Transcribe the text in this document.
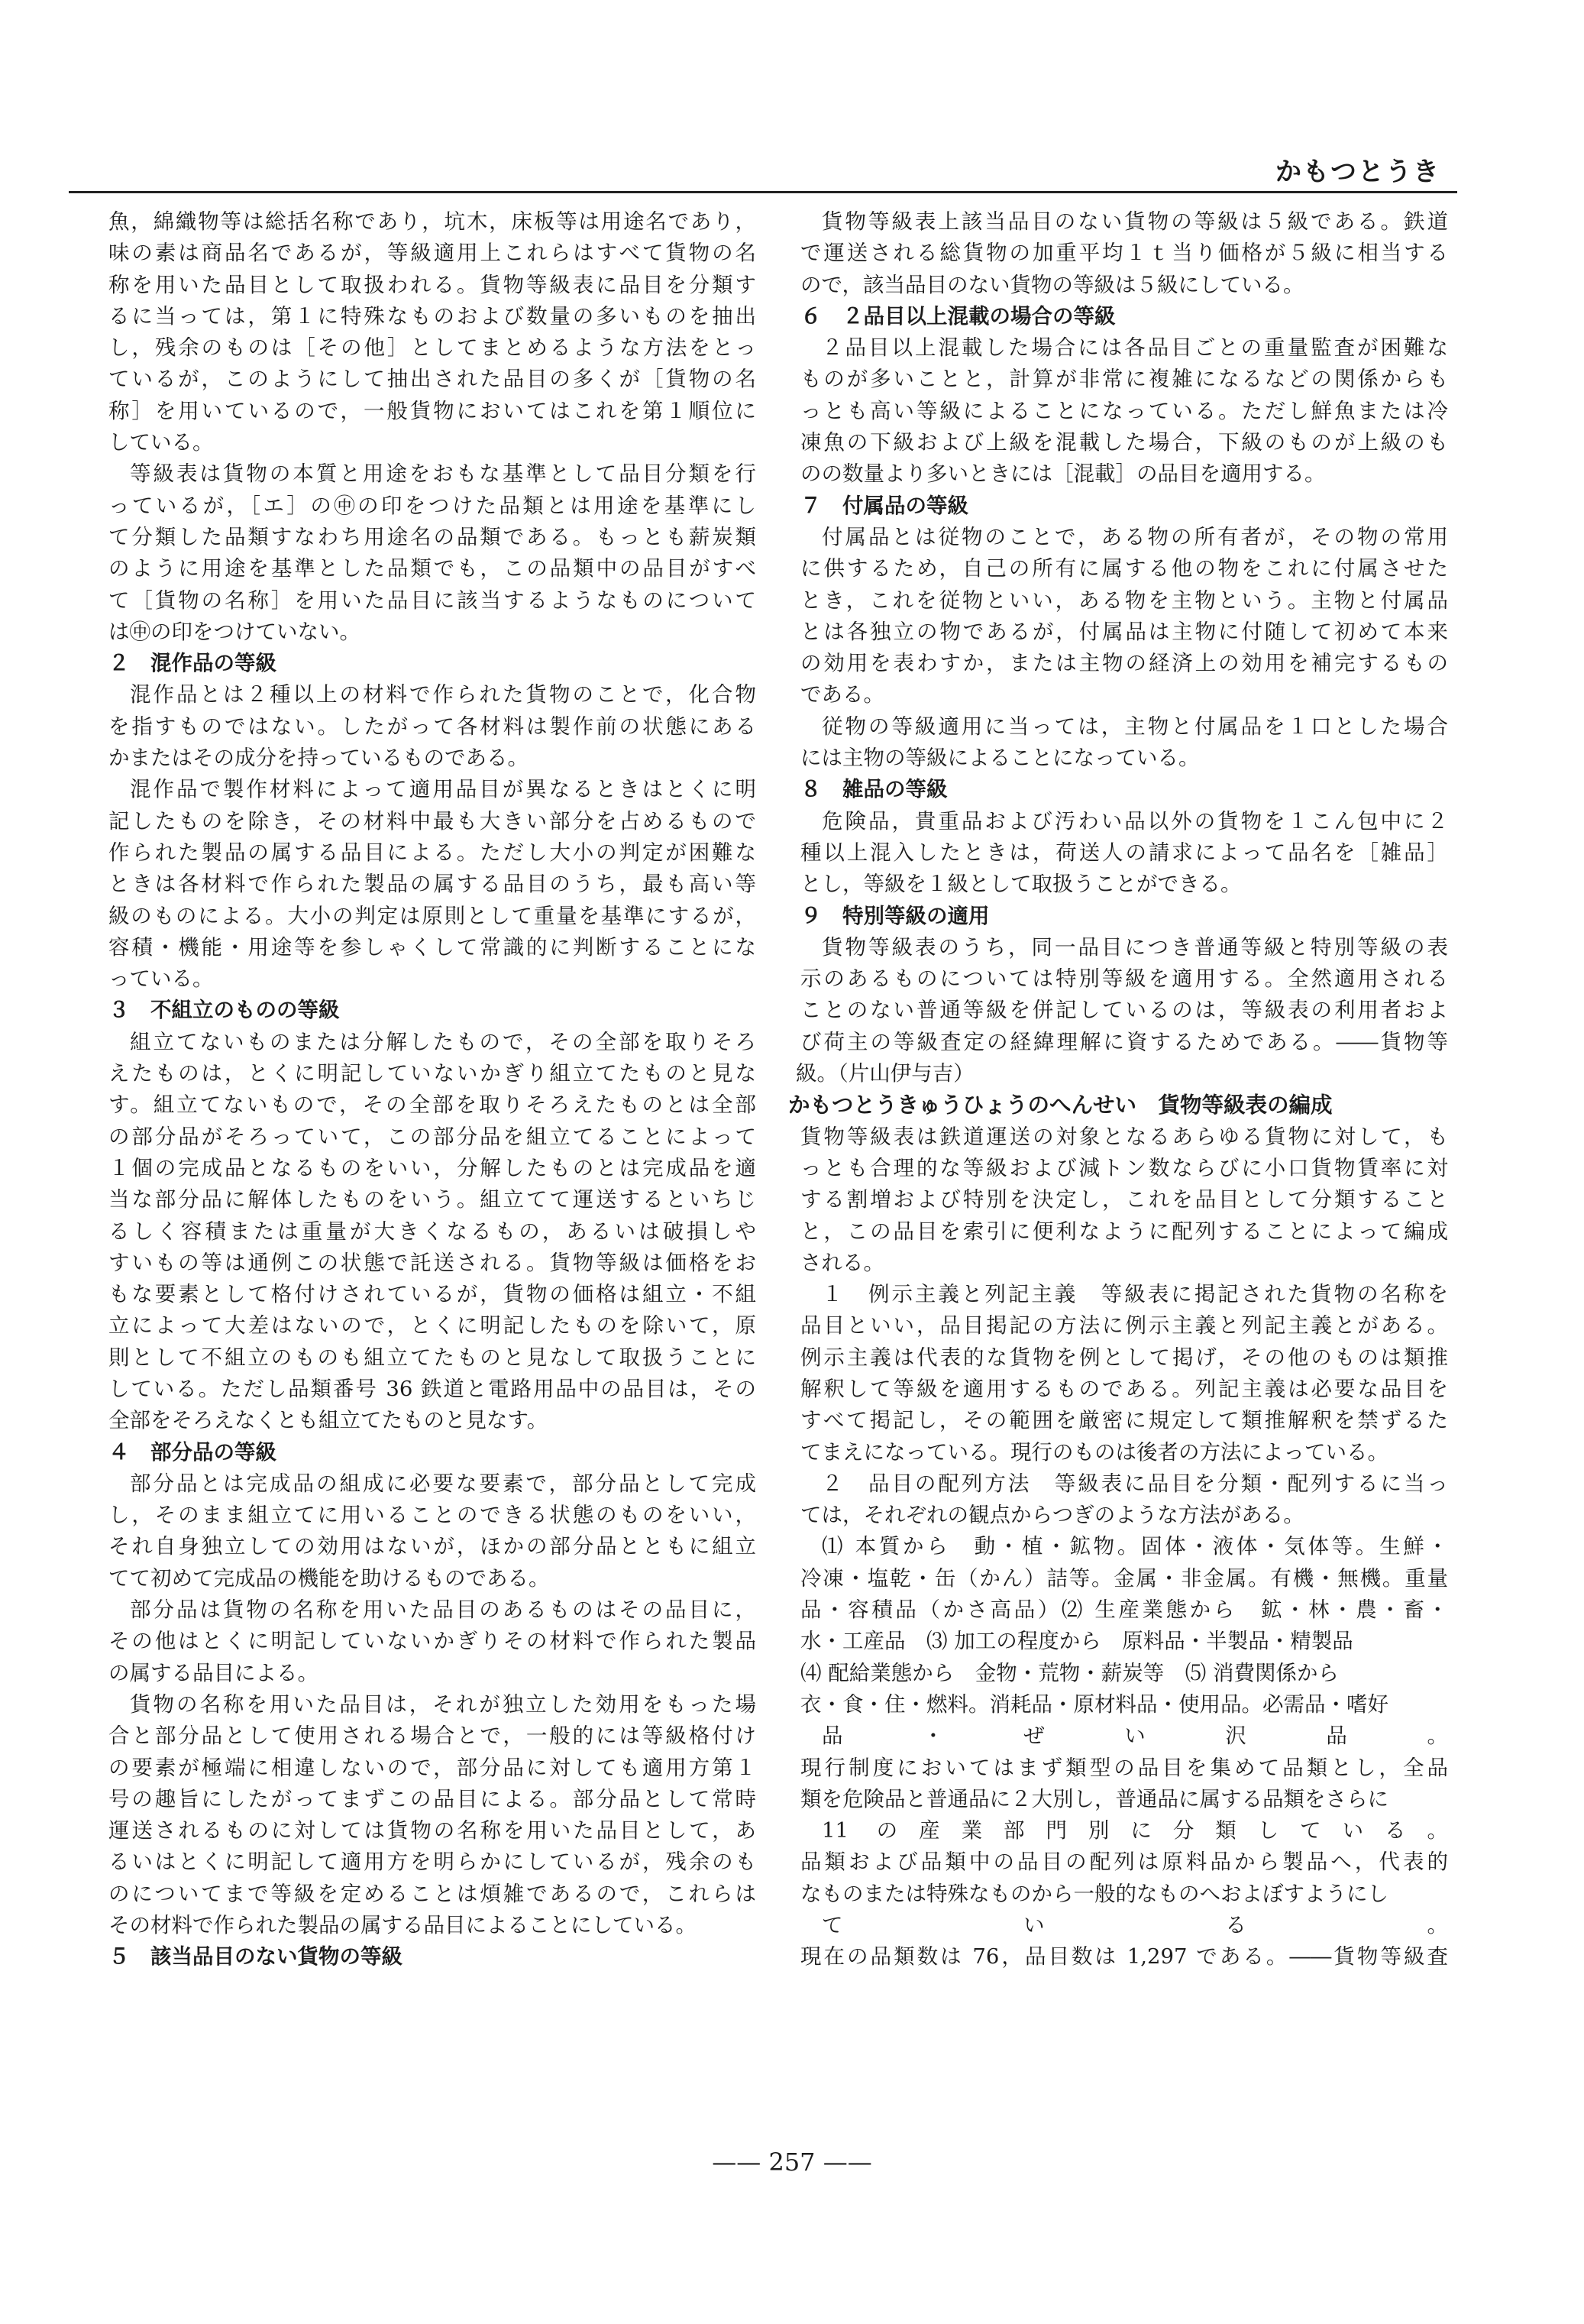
かもつとうき
魚，綿織物等は総括名称であり，坑木，床板等は用途名であり，
味の素は商品名であるが，等級適用上これらはすべて貨物の名
称を用いた品目として取扱われる。貨物等級表に品目を分類す
るに当っては，第１に特殊なものおよび数量の多いものを抽出
し，残余のものは［その他］としてまとめるような方法をとっ
ているが，このようにして抽出された品目の多くが［貨物の名
称］を用いているので，一般貨物においてはこれを第１順位に
している。
等級表は貨物の本質と用途をおもな基準として品目分類を行
っているが，［エ］の㊥の印をつけた品類とは用途を基準にし
て分類した品類すなわち用途名の品類である。もっとも薪炭類
のように用途を基準とした品類でも，この品類中の品目がすべ
て［貨物の名称］を用いた品目に該当するようなものについて
は㊥の印をつけていない。
２　混作品の等級
混作品とは２種以上の材料で作られた貨物のことで，化合物
を指すものではない。したがって各材料は製作前の状態にある
かまたはその成分を持っているものである。
混作品で製作材料によって適用品目が異なるときはとくに明
記したものを除き，その材料中最も大きい部分を占めるもので
作られた製品の属する品目による。ただし大小の判定が困難な
ときは各材料で作られた製品の属する品目のうち，最も高い等
級のものによる。大小の判定は原則として重量を基準にするが，
容積・機能・用途等を参しゃくして常識的に判断することにな
っている。
３　不組立のものの等級
組立てないものまたは分解したもので，その全部を取りそろ
えたものは，とくに明記していないかぎり組立てたものと見な
す。組立てないもので，その全部を取りそろえたものとは全部
の部分品がそろっていて，この部分品を組立てることによって
１個の完成品となるものをいい，分解したものとは完成品を適
当な部分品に解体したものをいう。組立てて運送するといちじ
るしく容積または重量が大きくなるもの，あるいは破損しや
すいもの等は通例この状態で託送される。貨物等級は価格をお
もな要素として格付けされているが，貨物の価格は組立・不組
立によって大差はないので，とくに明記したものを除いて，原
則として不組立のものも組立てたものと見なして取扱うことに
している。ただし品類番号 36 鉄道と電路用品中の品目は，その
全部をそろえなくとも組立てたものと見なす。
４　部分品の等級
部分品とは完成品の組成に必要な要素で，部分品として完成
し，そのまま組立てに用いることのできる状態のものをいい，
それ自身独立しての効用はないが，ほかの部分品とともに組立
てて初めて完成品の機能を助けるものである。
部分品は貨物の名称を用いた品目のあるものはその品目に，
その他はとくに明記していないかぎりその材料で作られた製品
の属する品目による。
貨物の名称を用いた品目は，それが独立した効用をもった場
合と部分品として使用される場合とで，一般的には等級格付け
の要素が極端に相違しないので，部分品に対しても適用方第１
号の趣旨にしたがってまずこの品目による。部分品として常時
運送されるものに対しては貨物の名称を用いた品目として，あ
るいはとくに明記して適用方を明らかにしているが，残余のも
のについてまで等級を定めることは煩雑であるので，これらは
その材料で作られた製品の属する品目によることにしている。
５　該当品目のない貨物の等級
貨物等級表上該当品目のない貨物の等級は５級である。鉄道
で運送される総貨物の加重平均１ｔ当り価格が５級に相当する
ので，該当品目のない貨物の等級は５級にしている。
６　２品目以上混載の場合の等級
２品目以上混載した場合には各品目ごとの重量監査が困難な
ものが多いことと，計算が非常に複雑になるなどの関係からも
っとも高い等級によることになっている。ただし鮮魚または冷
凍魚の下級および上級を混載した場合，下級のものが上級のも
のの数量より多いときには［混載］の品目を適用する。
７　付属品の等級
付属品とは従物のことで，ある物の所有者が，その物の常用
に供するため，自己の所有に属する他の物をこれに付属させた
とき，これを従物といい，ある物を主物という。主物と付属品
とは各独立の物であるが，付属品は主物に付随して初めて本来
の効用を表わすか，または主物の経済上の効用を補完するもの
である。
従物の等級適用に当っては，主物と付属品を１口とした場合
には主物の等級によることになっている。
８　雑品の等級
危険品，貴重品および汚わい品以外の貨物を１こん包中に２
種以上混入したときは，荷送人の請求によって品名を［雑品］
とし，等級を１級として取扱うことができる。
９　特別等級の適用
貨物等級表のうち，同一品目につき普通等級と特別等級の表
示のあるものについては特別等級を適用する。全然適用される
ことのない普通等級を併記しているのは，等級表の利用者およ
び荷主の等級査定の経緯理解に資するためである。――貨物等
級。（片山伊与吉）
かもつとうきゅうひょうのへんせい　貨物等級表の編成
貨物等級表は鉄道運送の対象となるあらゆる貨物に対して，も
っとも合理的な等級および減トン数ならびに小口貨物賃率に対
する割増および特別を決定し，これを品目として分類すること
と，この品目を索引に便利なように配列することによって編成
される。
１　例示主義と列記主義　等級表に掲記された貨物の名称を
品目といい，品目掲記の方法に例示主義と列記主義とがある。
例示主義は代表的な貨物を例として掲げ，その他のものは類推
解釈して等級を適用するものである。列記主義は必要な品目を
すべて掲記し，その範囲を厳密に規定して類推解釈を禁ずるた
てまえになっている。現行のものは後者の方法によっている。
２　品目の配列方法　等級表に品目を分類・配列するに当っ
ては，それぞれの観点からつぎのような方法がある。
⑴ 本質から　動・植・鉱物。固体・液体・気体等。生鮮・
冷凍・塩乾・缶（かん）詰等。金属・非金属。有機・無機。重量
品・容積品（かさ高品）⑵ 生産業態から　鉱・林・農・畜・
水・工産品　⑶ 加工の程度から　原料品・半製品・精製品
⑷ 配給業態から　金物・荒物・薪炭等　⑸ 消費関係から
衣・食・住・燃料。消耗品・原材料品・使用品。必需品・嗜好
品・ぜい沢品。
現行制度においてはまず類型の品目を集めて品類とし，全品
類を危険品と普通品に２大別し，普通品に属する品類をさらに
11 の産業部門別に分類している。
品類および品類中の品目の配列は原料品から製品へ，代表的
なものまたは特殊なものから一般的なものへおよぼすようにし
ている。
現在の品類数は 76，品目数は 1,297 である。――貨物等級査
—— 257 ——
